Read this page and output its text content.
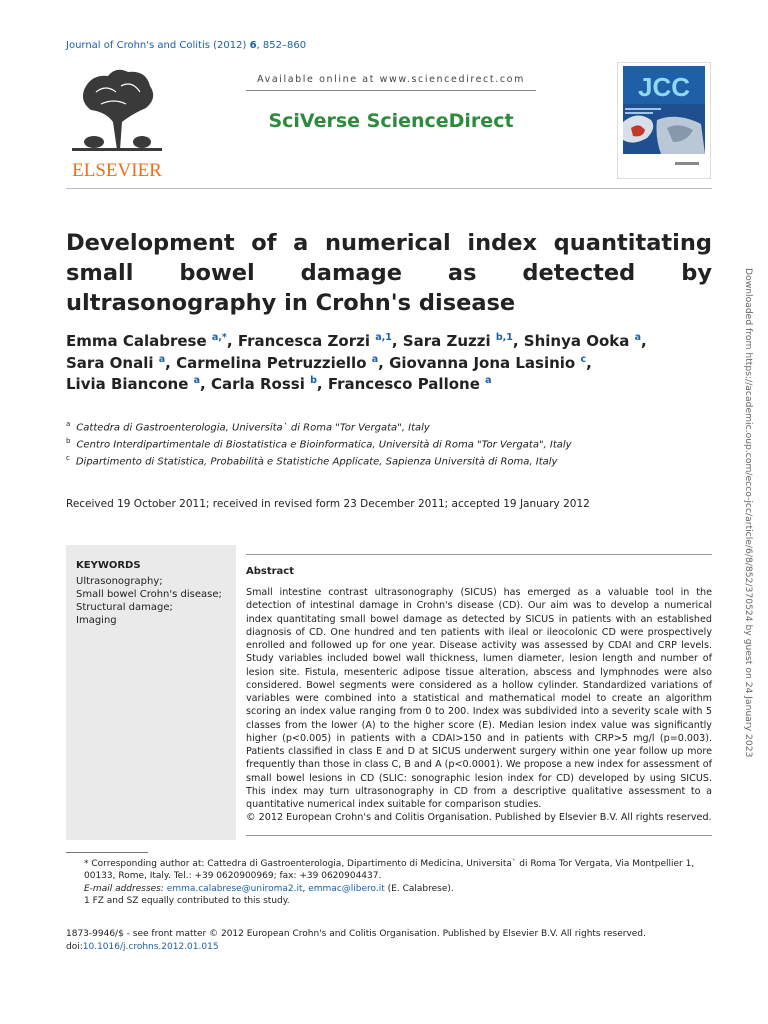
Journal of Crohn's and Colitis (2012) 6, 852–860
ELSEVIER
Available online at www.sciencedirect.com
SciVerse ScienceDirect
JCC
Development of a numerical index quantitating small bowel damage as detected by ultrasonography in Crohn's disease
Emma Calabrese $^{a,*}$, Francesca Zorzi $^{a,1}$, Sara Zuzzi $^{b,1}$, Shinya Ooka $^a$,
Sara Onali $^a$, Carmelina Petruzziello $^a$, Giovanna Jona Lasinio $^c$,
Livia Biancone $^a$, Carla Rossi $^b$, Francesco Pallone $^a$
$^a$ Cattedra di Gastroenterologia, Universita` di Roma "Tor Vergata", Italy
$^b$ Centro Interdipartimentale di Biostatistica e Bioinformatica, Università di Roma "Tor Vergata", Italy
$^c$ Dipartimento di Statistica, Probabilità e Statistiche Applicate, Sapienza Università di Roma, Italy
Received 19 October 2011; received in revised form 23 December 2011; accepted 19 January 2012
KEYWORDS
Ultrasonography;
Small bowel Crohn's disease;
Structural damage;
Imaging
Abstract
Small intestine contrast ultrasonography (SICUS) has emerged as a valuable tool in the detection of intestinal damage in Crohn's disease (CD). Our aim was to develop a numerical index quantitating small bowel damage as detected by SICUS in patients with an established diagnosis of CD. One hundred and ten patients with ileal or ileocolonic CD were prospectively enrolled and followed up for one year. Disease activity was assessed by CDAI and CRP levels. Study variables included bowel wall thickness, lumen diameter, lesion length and number of lesion site. Fistula, mesenteric adipose tissue alteration, abscess and lymphnodes were also considered. Bowel segments were considered as a hollow cylinder. Standardized variations of variables were combined into a statistical and mathematical model to create an algorithm scoring an index value ranging from 0 to 200. Index was subdivided into a severity scale with 5 classes from the lower (A) to the higher score (E). Median lesion index value was significantly higher (p<0.005) in patients with a CDAI>150 and in patients with CRP>5 mg/l (p=0.003). Patients classified in class E and D at SICUS underwent surgery within one year follow up more frequently than those in class C, B and A (p<0.0001). We propose a new index for assessment of small bowel lesions in CD (SLIC: sonographic lesion index for CD) developed by using SICUS. This index may turn ultrasonography in CD from a descriptive qualitative assessment to a quantitative numerical index suitable for comparison studies.
© 2012 European Crohn's and Colitis Organisation. Published by Elsevier B.V. All rights reserved.
* Corresponding author at: Cattedra di Gastroenterologia, Dipartimento di Medicina, Universita` di Roma Tor Vergata, Via Montpellier 1, 00133, Rome, Italy. Tel.: +39 0620900969; fax: +39 0620904437.
E-mail addresses: emma.calabrese@uniroma2.it, emmac@libero.it (E. Calabrese).
1 FZ and SZ equally contributed to this study.
1873-9946/$ - see front matter © 2012 European Crohn's and Colitis Organisation. Published by Elsevier B.V. All rights reserved.
doi:10.1016/j.crohns.2012.01.015
Downloaded from https://academic.oup.com/ecco-jcc/article/6/8/852/370524 by guest on 24 January 2023
